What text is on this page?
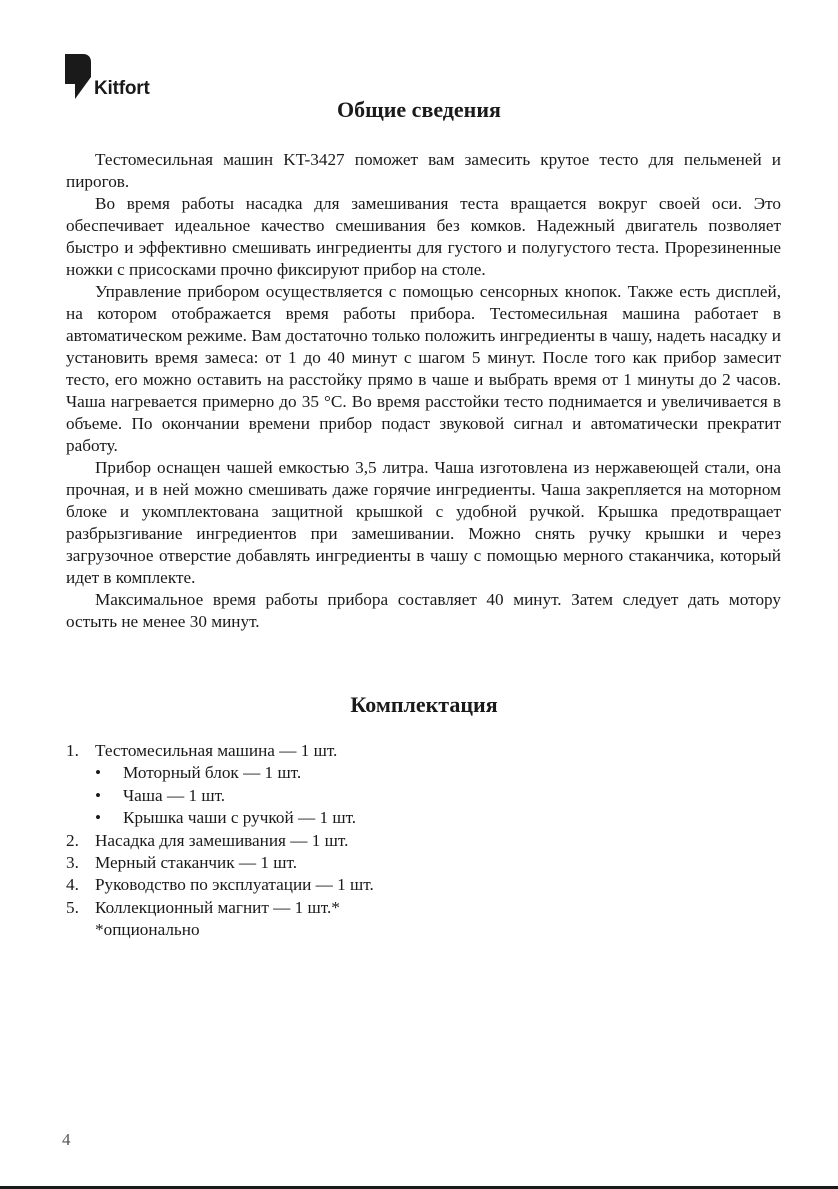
Kitfort
Общие сведения

Тестомесильная машин KT-3427 поможет вам замесить крутое тесто для пельменей и пирогов.

Во время работы насадка для замешивания теста вращается вокруг своей оси. Это обеспечивает идеальное качество смешивания без комков. Надежный двигатель позволяет быстро и эффективно смешивать ингредиенты для густого и полугустого теста. Прорезиненные ножки с присосками прочно фиксируют прибор на столе.

Управление прибором осуществляется с помощью сенсорных кнопок. Также есть дисплей, на котором отображается время работы прибора. Тестомесильная машина работает в автоматическом режиме. Вам достаточно только положить ингредиенты в чашу, надеть насадку и установить время замеса: от 1 до 40 минут с шагом 5 минут. После того как прибор замесит тесто, его можно оставить на расстойку прямо в чаше и выбрать время от 1 минуты до 2 часов. Чаша нагревается примерно до 35 °С. Во время расстойки тесто поднимается и увеличивается в объеме. По окончании времени прибор подаст звуковой сигнал и автоматически прекратит работу.

Прибор оснащен чашей емкостью 3,5 литра. Чаша изготовлена из нержавеющей стали, она прочная, и в ней можно смешивать даже горячие ингредиенты. Чаша закрепляется на моторном блоке и укомплектована защитной крышкой с удобной ручкой. Крышка предотвращает разбрызгивание ингредиентов при замешивании. Можно снять ручку крышки и через загрузочное отверстие добавлять ингредиенты в чашу с помощью мерного стаканчика, который идет в комплекте.

Максимальное время работы прибора составляет 40 минут. Затем следует дать мотору остыть не менее 30 минут.

Комплектация
1. Тестомесильная машина — 1 шт.
•	Моторный блок — 1 шт.
•	Чаша — 1 шт.
•	Крышка чаши с ручкой — 1 шт.
2. Насадка для замешивания — 1 шт.
3. Мерный стаканчик — 1 шт.
4. Руководство по эксплуатации — 1 шт.
5. Коллекционный магнит — 1 шт.*
*опционально
4
